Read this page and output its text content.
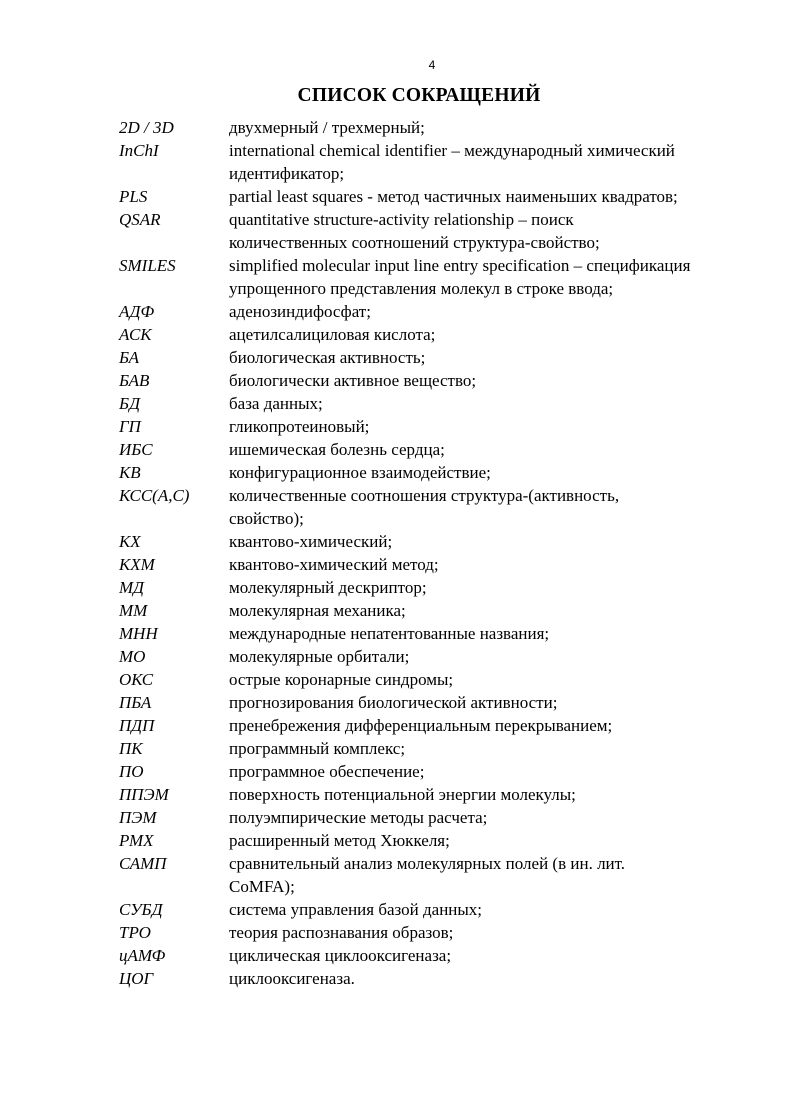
4
СПИСОК СОКРАЩЕНИЙ
2D / 3D	двухмерный / трехмерный;
InChI	international chemical identifier – международный химический
идентификатор;
PLS	partial least squares - метод частичных наименьших квадратов;
QSAR	quantitative structure-activity relationship – поиск
количественных соотношений структура-свойство;
SMILES	simplified molecular input line entry specification – спецификация
упрощенного представления молекул в строке ввода;
АДФ	аденозиндифосфат;
АСК	ацетилсалициловая кислота;
БА	биологическая активность;
БАВ	биологически активное вещество;
БД	база данных;
ГП	гликопротеиновый;
ИБС	ишемическая болезнь сердца;
КВ	конфигурационное взаимодействие;
КСС(А,С) количественные соотношения структура-(активность,
свойство);
КХ	квантово-химический;
КХМ	квантово-химический метод;
МД	молекулярный дескриптор;
ММ	молекулярная механика;
МНН	международные непатентованные названия;
МО	молекулярные орбитали;
ОКС	острые коронарные синдромы;
ПБА	прогнозирования биологической активности;
ПДП	пренебрежения дифференциальным перекрыванием;
ПК	программный комплекс;
ПО	программное обеспечение;
ППЭМ	поверхность потенциальной энергии молекулы;
ПЭМ	полуэмпирические методы расчета;
РМХ	расширенный метод Хюккеля;
САМП	сравнительный анализ молекулярных полей (в ин. лит.
CoMFA);
СУБД	система управления базой данных;
ТРО	теория распознавания образов;
цАМФ	циклическая циклооксигеназа;
ЦОГ	циклооксигеназа.
